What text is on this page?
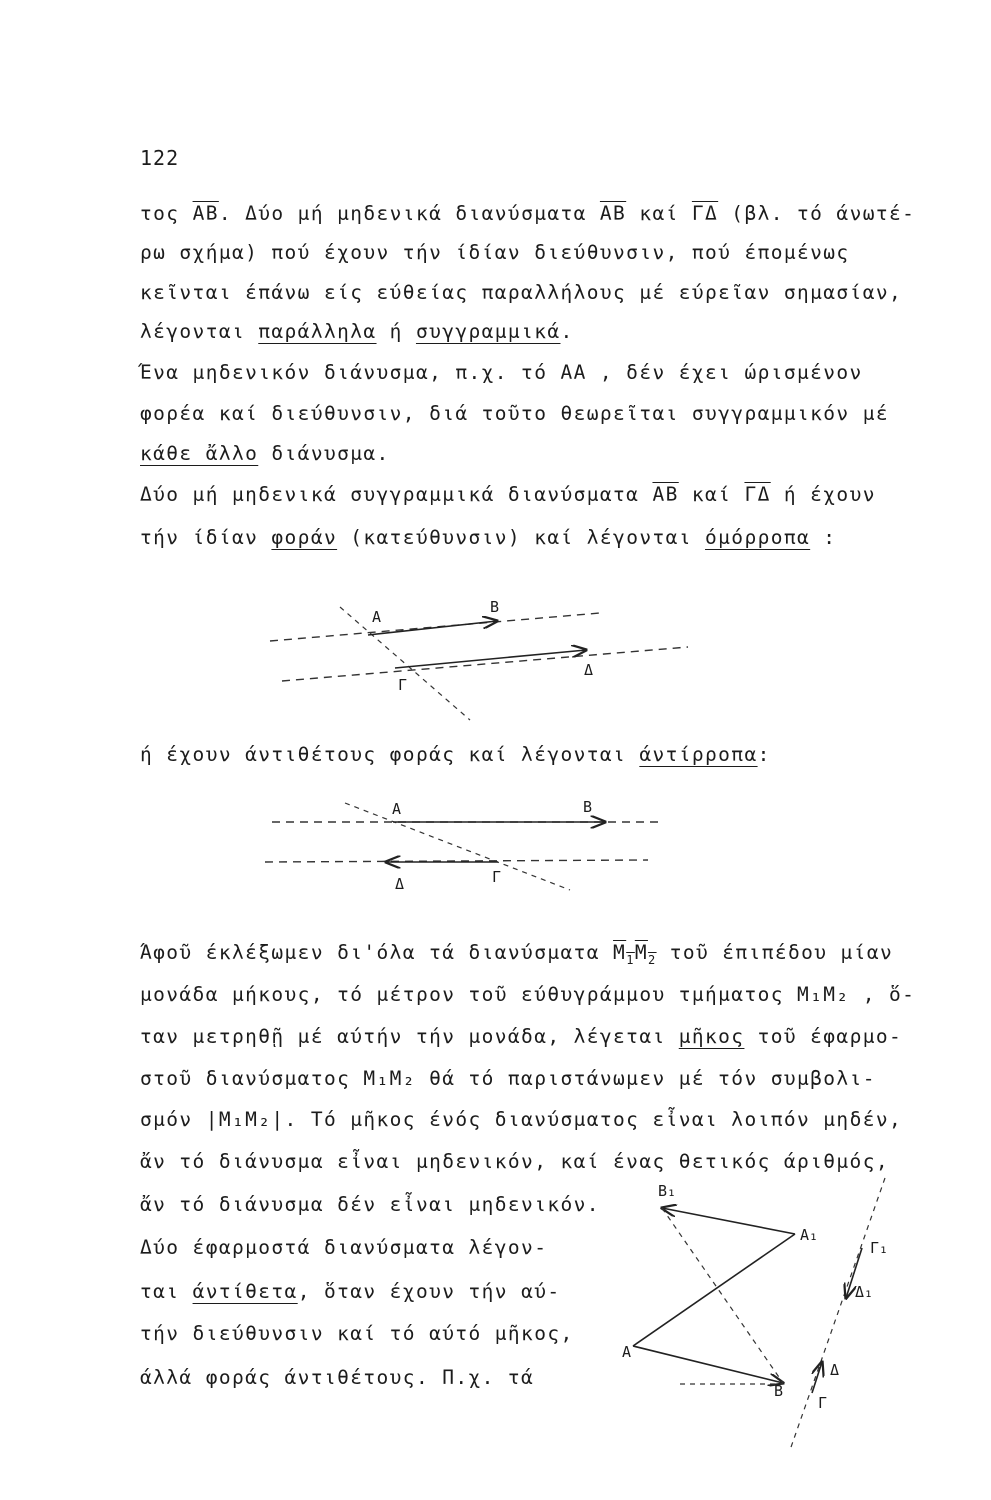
122
τος $\overline{AB}$. Δύο μή μηδενικά διανύσματα $\overline{AB}$ καί $\overline{\Gamma\Delta}$ (βλ. τό άνωτέ-
ρω σχήμα) πού έχουν τήν ίδίαν διεύθυνσιν, πού έπομένως
κεῖνται έπάνω είς εύθείας παραλλήλους μέ εύρεῖαν σημασίαν,
λέγονται παράλληλα ή συγγραμμικά.
Ένα μηδενικόν διάνυσμα, π.χ. τό ΑΑ , δέν έχει ώρισμένον
φορέα καί διεύθυνσιν, διά τοῦτο θεωρεῖται συγγραμμικόν μέ
κάθε ἄλλο διάνυσμα.
Δύο μή μηδενικά συγγραμμικά διανύσματα $\overline{AB}$ καί $\overline{\Gamma\Delta}$ ή έχουν
τήν ίδίαν φοράν (κατεύθυνσιν) καί λέγονται όμόρροπα :
Α
Β
Γ
Δ
ή έχουν άντιθέτους φοράς καί λέγονται άντίρροπα:
Α	Β
Γ
Δ
Άφοῦ έκλέξωμεν δι'όλα τά διανύσματα $M_1M_2$ τοῦ έπιπέδου μίαν
μονάδα μήκους, τό μέτρον τοῦ εύθυγράμμου τμήματος M₁M₂ , ὅ-
ταν μετρηθῇ μέ αύτήν τήν μονάδα, λέγεται μῆκος τοῦ έφαρμο-
στοῦ διανύσματος M₁M₂ θά τό παριστάνωμεν μέ τόν συμβολι-
σμόν |M₁M₂|. Τό μῆκος ένός διανύσματος εἶναι λοιπόν μηδέν,
ἄν τό διάνυσμα εἶναι μηδενικόν, καί ένας θετικός άριθμός,
ἄν τό διάνυσμα δέν εἶναι μηδενικόν.
Δύο έφαρμοστά διανύσματα λέγον-
ται άντίθετα, ὅταν έχουν τήν αύ-
τήν διεύθυνσιν καί τό αύτό μῆκος,
άλλά φοράς άντιθέτους. Π.χ. τά
B₁
A₁
Γ₁
Δ₁
A
B
Δ
Γ
